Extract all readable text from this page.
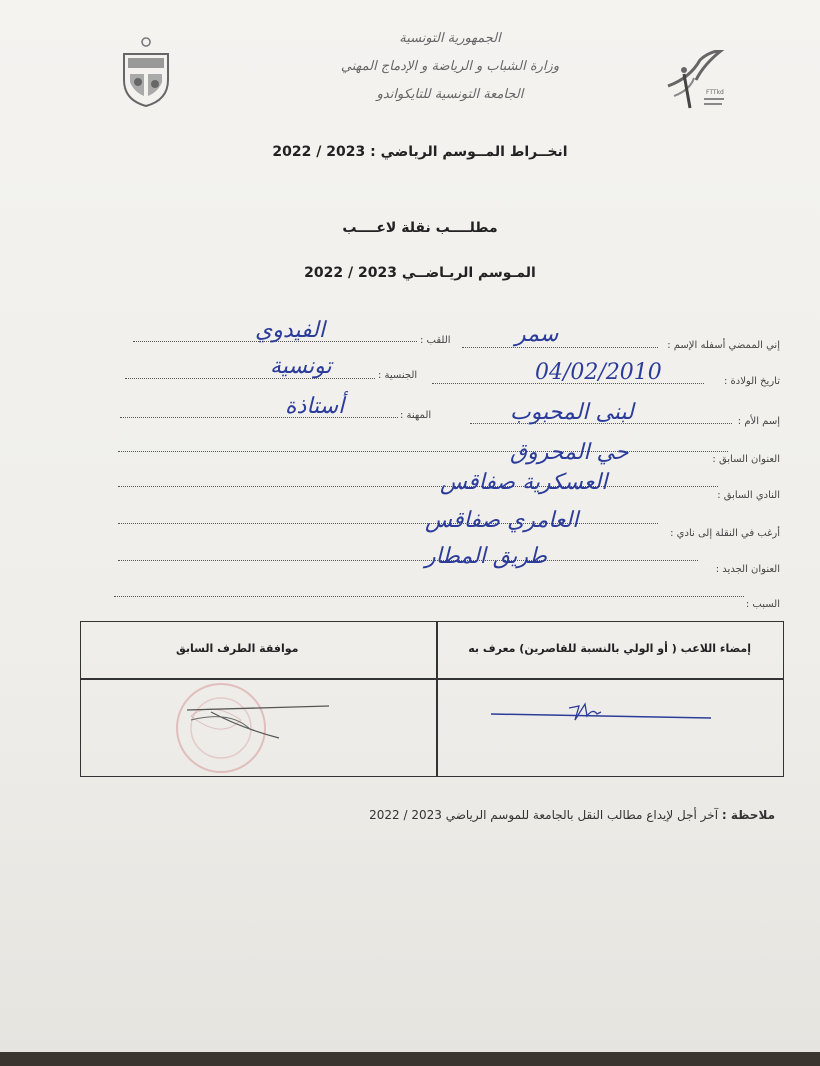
الجمهورية التونسية
وزارة الشباب و الرياضة و الإدماج المهني
الجامعة التونسية للتايكواندو	FTTkd
انخــراط المــوسم الرياضي : 2023 / 2022
مطلــــب نقلة لاعــــب
المـوسم الريـاضــي 2023 / 2022
إني الممضي أسفله الإسم :
سمر
اللقب :
الفيدوي
تاريخ الولادة :
04/02/2010
الجنسية :
تونسية
إسم الأم :
لبنى المحبوب
المهنة :
أستاذة
العنوان السابق :
حي المحروق
النادي السابق :
العسكرية صفاقس
أرغب في النقلة إلى نادي :
العامري صفاقس
العنوان الجديد :
طريق المطار
السبب :
إمضاء اللاعب ( أو الولي بالنسبة للقاصرين) معرف به
موافقة الطرف السابق
ملاحظة : آخر أجل لإيداع مطالب النقل بالجامعة للموسم الرياضي 2023 / 2022
